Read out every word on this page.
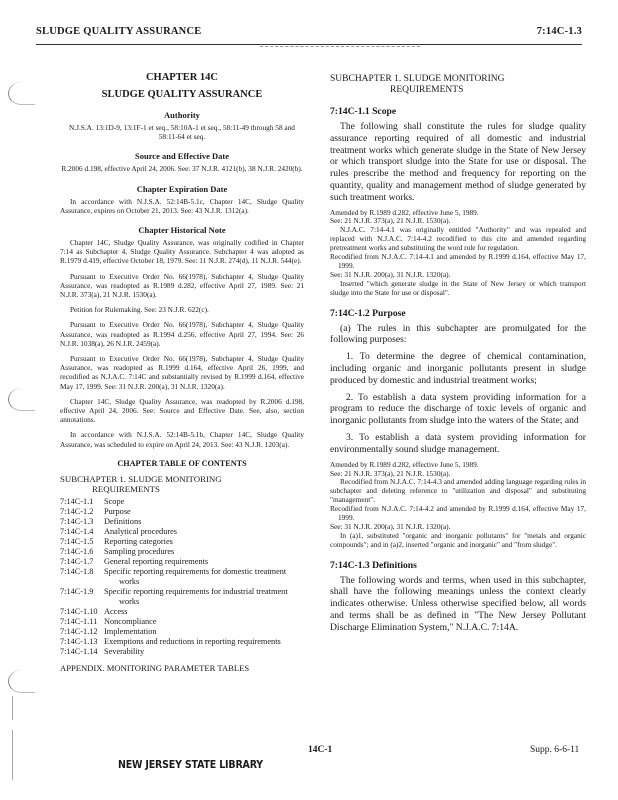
SLUDGE QUALITY ASSURANCE	7:14C-1.3
CHAPTER 14C
SLUDGE QUALITY ASSURANCE
Authority
N.J.S.A. 13:1D-9, 13:1F-1 et seq., 58:10A-1 et seq., 58:11-49 through 58 and 58:11-64 et seq.
Source and Effective Date
R.2006 d.198, effective April 24, 2006. See: 37 N.J.R. 4121(b), 38 N.J.R. 2420(b).
Chapter Expiration Date
In accordance with N.J.S.A. 52:14B-5.1c, Chapter 14C, Sludge Quality Assurance, expires on October 21, 2013. See: 43 N.J.R. 1312(a).
Chapter Historical Note
Chapter 14C, Sludge Quality Assurance, was originally codified in Chapter 7:14 as Subchapter 4, Sludge Quality Assurance. Subchapter 4 was adopted as R.1979 d.419, effective October 18, 1979. See: 11 N.J.R. 274(d), 11 N.J.R. 544(e).
Pursuant to Executive Order No. 66(1978), Subchapter 4, Sludge Quality Assurance, was readopted as R.1989 d.282, effective April 27, 1989. See: 21 N.J.R. 373(a), 21 N.J.R. 1530(a).
Petition for Rulemaking. See: 23 N.J.R. 622(c).
Pursuant to Executive Order No. 66(1978), Subchapter 4, Sludge Quality Assurance, was readopted as R.1994 d.256, effective April 27, 1994. See: 26 N.J.R. 1038(a), 26 N.J.R. 2459(a).
Pursuant to Executive Order No. 66(1978), Subchapter 4, Sludge Quality Assurance, was readopted as R.1999 d.164, effective April 26, 1999, and recodified as N.J.A.C. 7:14C and substantially revised by R.1999 d.164, effective May 17, 1999. See: 31 N.J.R. 200(a), 31 N.J.R. 1320(a).
Chapter 14C, Sludge Quality Assurance, was readopted by R.2006 d.198, effective April 24, 2006. See: Source and Effective Date. See, also, section annotations.
In accordance with N.J.S.A. 52:14B-5.1b, Chapter 14C, Sludge Quality Assurance, was scheduled to expire on April 24, 2013. See: 43 N.J.R. 1203(a).
CHAPTER TABLE OF CONTENTS
SUBCHAPTER 1. SLUDGE MONITORING
REQUIREMENTS
7:14C-1.1	Scope
7:14C-1.2	Purpose
7:14C-1.3	Definitions
7:14C-1.4	Analytical procedures
7:14C-1.5	Reporting categories
7:14C-1.6	Sampling procedures
7:14C-1.7	General reporting requirements
7:14C-1.8	Specific reporting requirements for domestic treatment
works
7:14C-1.9	Specific reporting requirements for industrial treatment
works
7:14C-1.10 Access
7:14C-1.11 Noncompliance
7:14C-1.12 Implementation
7:14C-1.13 Exemptions and reductions in reporting requirements
7:14C-1.14 Severability
APPENDIX. MONITORING PARAMETER TABLES
SUBCHAPTER 1. SLUDGE MONITORING
REQUIREMENTS
7:14C-1.1 Scope
The following shall constitute the rules for sludge quality assurance reporting required of all domestic and industrial treatment works which generate sludge in the State of New Jersey or which transport sludge into the State for use or disposal. The rules prescribe the method and frequency for reporting on the quantity, quality and management method of sludge generated by such treatment works.

Amended by R.1989 d.282, effective June 5, 1989.

See: 21 N.J.R. 373(a), 21 N.J.R. 1530(a).

N.J.A.C. 7:14-4.1 was originally entitled "Authority" and was repealed and replaced with N.J.A.C. 7:14-4.2 recodified to this cite and amended regarding pretreatment works and substituting the word rule for regulation.

Recodified from N.J.A.C. 7:14-4.1 and amended by R.1999 d.164, effective May 17, 1999.

See: 31 N.J.R. 200(a), 31 N.J.R. 1320(a).

Inserted "which generate sludge in the State of New Jersey or which transport sludge into the State for use or disposal".

7:14C-1.2 Purpose
(a) The rules in this subchapter are promulgated for the following purposes:
1. To determine the degree of chemical contamination, including organic and inorganic pollutants present in sludge produced by domestic and industrial treatment works;
2. To establish a data system providing information for a program to reduce the discharge of toxic levels of organic and inorganic pollutants from sludge into the waters of the State; and
3. To establish a data system providing information for environmentally sound sludge management.

Amended by R.1989 d.282, effective June 5, 1989.

See: 21 N.J.R. 373(a), 21 N.J.R. 1530(a).

Recodified from N.J.A.C. 7:14-4.3 and amended adding language regarding rules in subchapter and deleting reference to "utilization and disposal" and substituting "management".

Recodified from N.J.A.C. 7:14-4.2 and amended by R.1999 d.164, effective May 17, 1999.

See: 31 N.J.R. 200(a), 31 N.J.R. 1320(a).

In (a)1, substituted "organic and inorganic pollutants" for "metals and organic compounds"; and in (a)2, inserted "organic and inorganic" and "from sludge".

7:14C-1.3 Definitions
The following words and terms, when used in this subchapter, shall have the following meanings unless the context clearly indicates otherwise. Unless otherwise specified below, all words and terms shall be as defined in "The New Jersey Pollutant Discharge Elimination System," N.J.A.C. 7:14A.
14C-1	Supp. 6-6-11
NEW JERSEY STATE LIBRARY
